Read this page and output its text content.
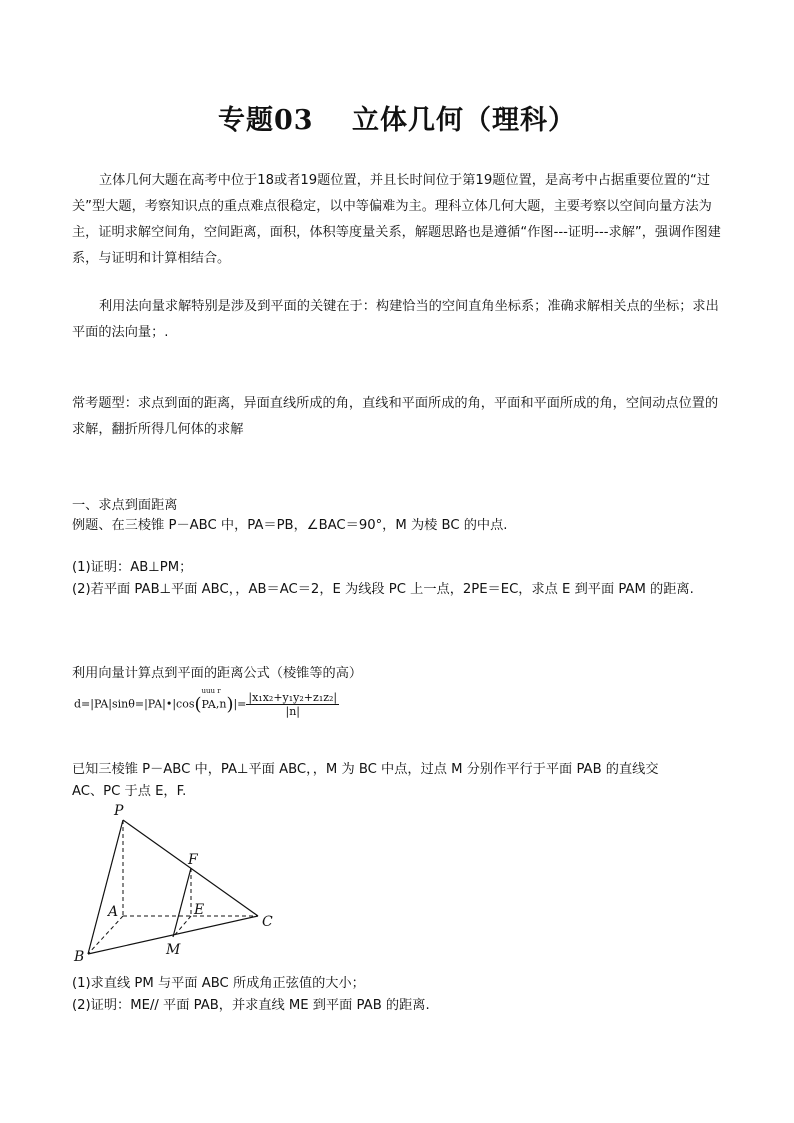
专题03　 立体几何（理科）
立体几何大题在高考中位于18或者19题位置，并且长时间位于第19题位置，是高考中占据重要位置的“过关”型大题，考察知识点的重点难点很稳定，以中等偏难为主。理科立体几何大题，主要考察以空间向量方法为主，证明求解空间角，空间距离，面积，体积等度量关系，解题思路也是遵循“作图---证明---求解”，强调作图建系，与证明和计算相结合。
利用法向量求解特别是涉及到平面的关键在于：构建恰当的空间直角坐标系；准确求解相关点的坐标；求出平面的法向量；.
常考题型：求点到面的距离，异面直线所成的角，直线和平面所成的角，平面和平面所成的角，空间动点位置的求解，翻折所得几何体的求解
一、求点到面距离
例题、在三棱锥 P－ABC 中，PA＝PB，∠BAC＝90°，M 为棱 BC 的中点.
(1)证明：AB⊥PM；
(2)若平面 PAB⊥平面 ABC，，AB＝AC＝2，E 为线段 PC 上一点，2PE＝EC，求点 E 到平面 PAM 的距离.
利用向量计算点到平面的距离公式（棱锥等的高）
d=|PA|sinθ=|PA|•|cos(
uuu r
$PA,n)|= \frac{\text{|x₁x₂+y₁y₂+z₁z₂|}}{|n|}$
已知三棱锥 P－ABC 中，PA⊥平面 ABC，，M 为 BC 中点，过点 M 分别作平行于平面 PAB 的直线交
AC、PC 于点 E，F.
P
A
B
C
E
F
M
(1)求直线 PM 与平面 ABC 所成角正弦值的大小；
(2)证明：ME// 平面 PAB，并求直线 ME 到平面 PAB 的距离.
